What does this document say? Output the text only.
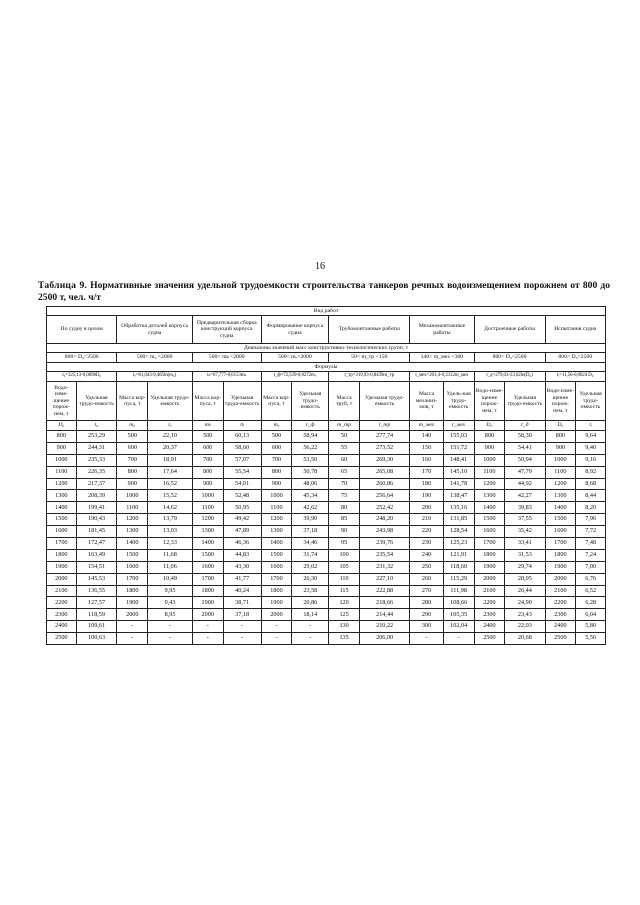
16
Таблица 9. Нормативные значения удельной трудоемкости строительства танкеров речных водоизмещением порожнем от 800 до 2500 т, чел. ч/т
Вид работ															
По судну в целом		Обработка деталей корпуса судна		Предварительная сборка конструкций корпуса судна		Формирование корпуса судна		Трубомонтажные работы		Механомонтажные работы		Достроечные работы		Испытания судна	
Диапазоны значений масс конструктивно-технологических групп, т															
800< D₀<2500		500< m₀ <2000		500< mₖ <2000		500< mₒ<2000		50< m_тр <150		140< m_мех <300		800< D₀<2500		800< D₀<2500	
Формулы															
t₀=325,13-0,0898D₀		tₒ=81,043-9,485ln(m₀)		tₖ=67,777-0,0153mₖ		t_ф=72,539-0,0272mₒ		t_тр=319,93-0,8439m_тр		t_мех=201,4-0,3312m_мех		t_д=279,03-33,02ln(D₀)		tᵢ=11,56-0,0024 D₀	
Водо-изме-щение порож-нем, т	Удельная трудо-емкость	Масса кор-пуса, т	Удельная трудо-емкость	Масса кор-пуса, т	Удельная трудо-емкость	Масса кор-пуса, т	Удельная трудо-емкость	Масса труб, т	Удельная трудо-емкость	Масса механиз-мов, т	Удель-ная трудо-емкость	Водо-изме-щение порож-нем, т	Удельная трудо-емкость	Водо-изме-щение порож-нем, т	Удельная трудо-емкость
D₀	t₀	m₀	tₒ	mₖ	tₖ	mₒ	t_ф	m_тр	t_тр	m_мех	t_мех	D₀	t_д	D₀	tᵢ
800	253,29	500	22,10	500	60,13	500	58,94	50	277,74	140	155,03	800	58,30	800	9,64
900	244,31	600	20,37	600	58,60	600	56,22	55	273,52	150	151,72	900	54,41	900	9,40
1000	235,33	700	18,91	700	57,07	700	53,50	60	269,30	160	148,41	1000	50,94	1000	9,16
1100	226,35	800	17,64	800	55,54	800	50,78	65	265,08	170	145,10	1100	47,79	1100	8,92
1200	217,37	900	16,52	900	54,01	900	48,06	70	260,86	180	141,78	1200	44,92	1200	8,68
1300	208,39	1000	15,52	1000	52,48	1000	45,34	75	256,64	190	138,47	1300	42,27	1300	8,44
1400	199,41	1100	14,62	1100	50,95	1100	42,62	80	252,42	200	135,16	1400	39,83	1400	8,20
1500	190,43	1200	13,79	1200	49,42	1200	39,90	85	248,20	210	131,85	1500	37,55	1500	7,96
1600	181,45	1300	13,03	1300	47,89	1300	37,18	90	243,98	220	128,54	1600	35,42	1600	7,72
1700	172,47	1400	12,33	1400	46,36	1400	34,46	95	239,76	230	125,23	1700	33,41	1700	7,48
1800	163,49	1500	11,68	1500	44,83	1500	31,74	100	235,54	240	121,91	1800	31,53	1800	7,24
1900	154,51	1600	11,06	1600	43,30	1600	29,02	105	231,32	250	118,60	1900	29,74	1900	7,00
2000	145,53	1700	10,49	1700	41,77	1700	26,30	110	227,10	260	115,29	2000	28,05	2000	6,76
2100	136,55	1800	9,95	1800	40,24	1800	23,58	115	222,88	270	111,98	2100	26,44	2100	6,52
2200	127,57	1900	9,43	1900	38,71	1900	20,86	120	218,66	280	108,66	2200	24,90	2200	6,28
2300	118,59	2000	8,95	2000	37,18	2000	18,14	125	214,44	290	105,35	2300	23,43	2300	6,04
2400	109,61	-	-	-	-	-	-	130	210,22	300	102,04	2400	22,03	2400	5,80
2500	100,63	-	-	-	-	-	-	135	206,00	-	-	2500	20,68	2500	5,56
